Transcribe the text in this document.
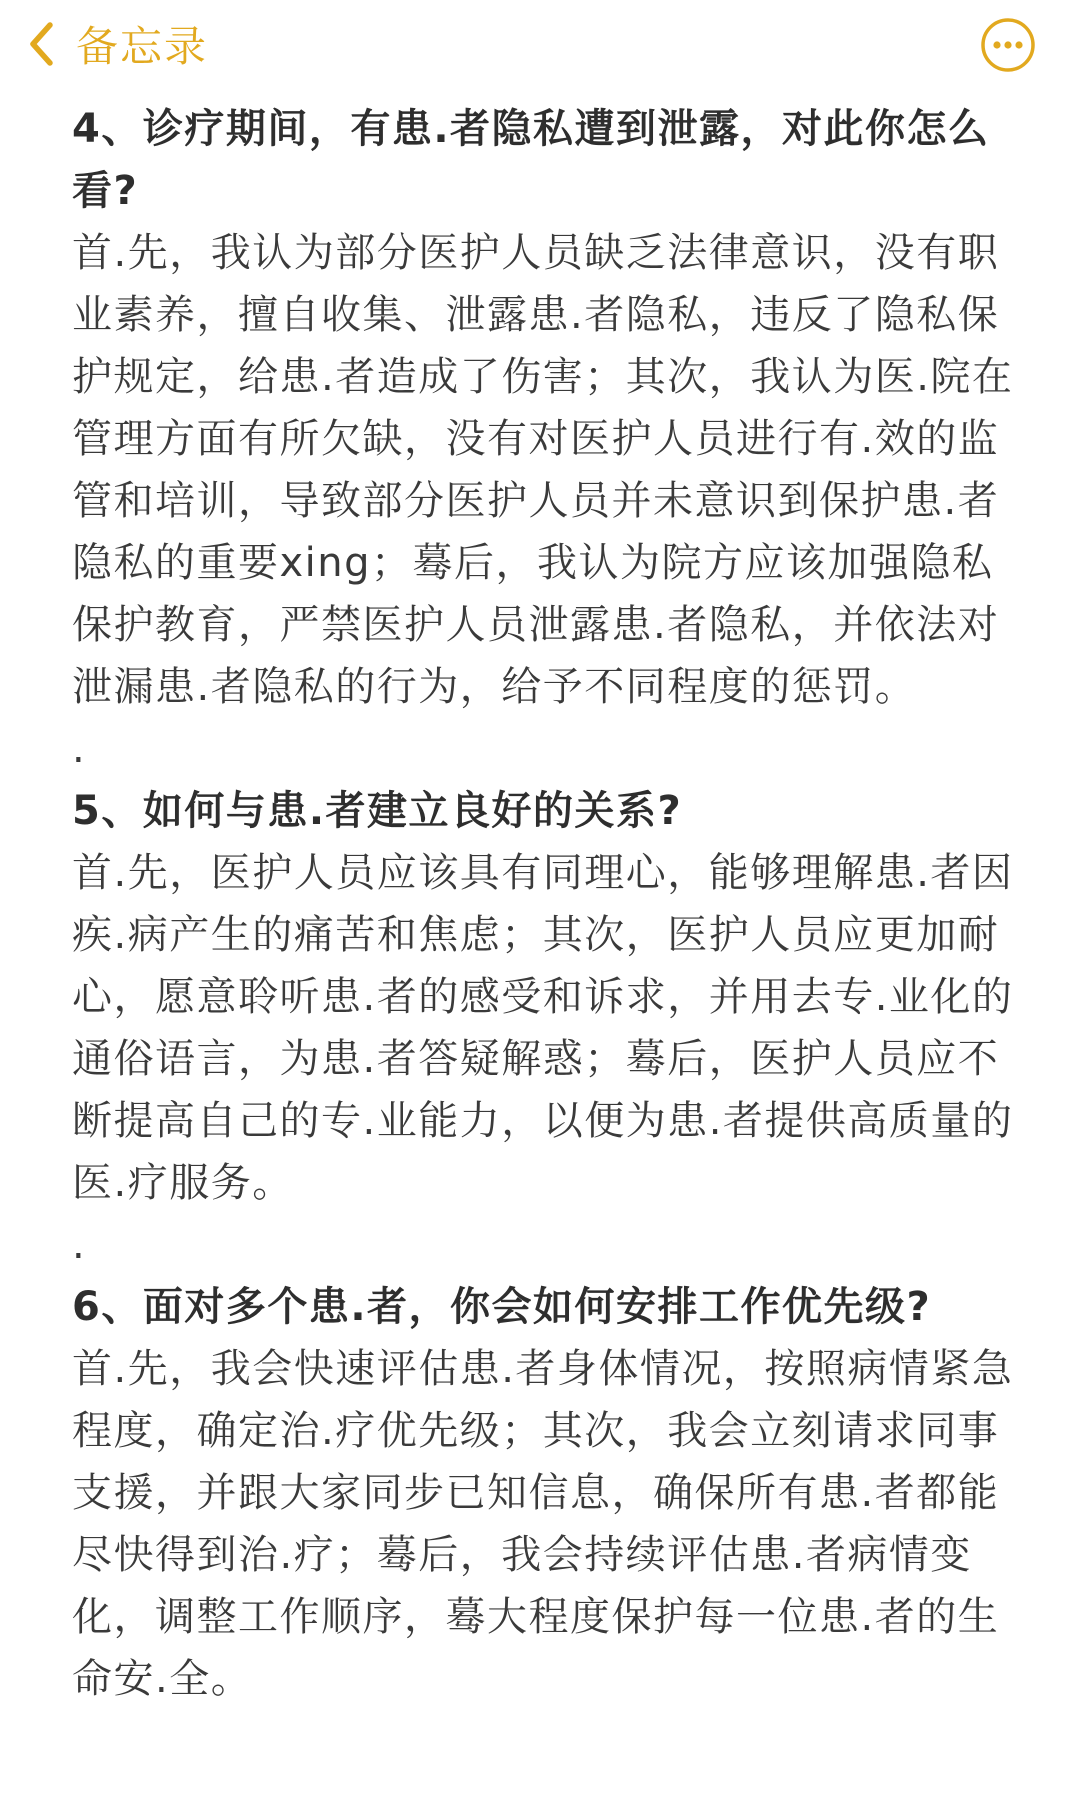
备忘录
4、诊疗期间，有患.者隐私遭到泄露，对此你怎么看?
首.先，我认为部分医护人员缺乏法律意识，没有职业素养，擅自收集、泄露患.者隐私，违反了隐私保护规定，给患.者造成了伤害；其次，我认为医.院在管理方面有所欠缺，没有对医护人员进行有.效的监管和培训，导致部分医护人员并未意识到保护患.者隐私的重要xing；蓦后，我认为院方应该加强隐私保护教育，严禁医护人员泄露患.者隐私，并依法对泄漏患.者隐私的行为，给予不同程度的惩罚。
.
5、如何与患.者建立良好的关系?
首.先，医护人员应该具有同理心，能够理解患.者因疾.病产生的痛苦和焦虑；其次，医护人员应更加耐心，愿意聆听患.者的感受和诉求，并用去专.业化的通俗语言，为患.者答疑解惑；蓦后，医护人员应不断提高自己的专.业能力，以便为患.者提供高质量的医.疗服务。
.
6、面对多个患.者，你会如何安排工作优先级?
首.先，我会快速评估患.者身体情况，按照病情紧急程度，确定治.疗优先级；其次，我会立刻请求同事支援，并跟大家同步已知信息，确保所有患.者都能尽快得到治.疗；蓦后，我会持续评估患.者病情变化，调整工作顺序，蓦大程度保护每一位患.者的生命安.全。
